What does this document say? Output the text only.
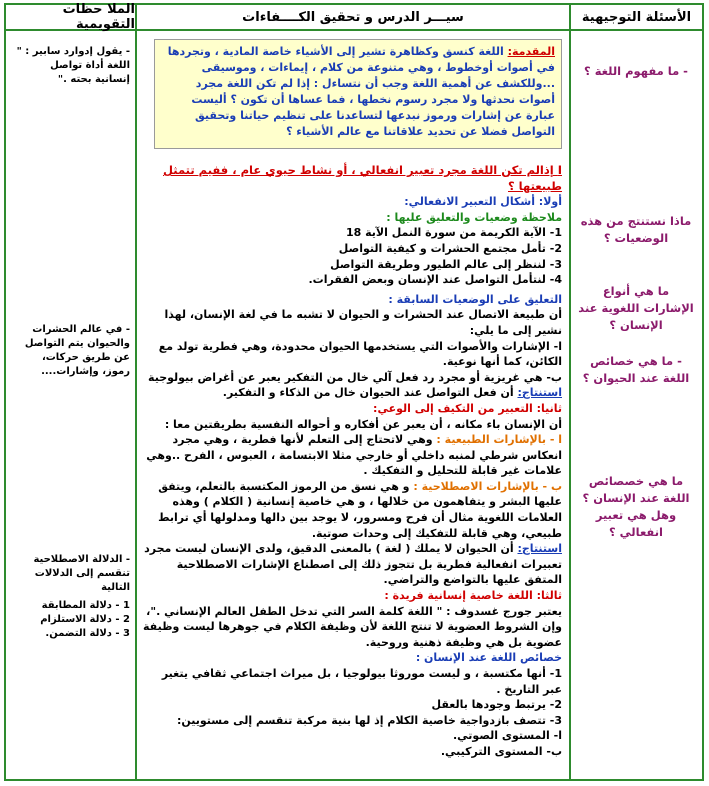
الأسئلة التوجيهية
سيـــر الدرس و تحقيق الكــــفاءات
الملا حظات التقويمية
- ما مفهوم اللغة ؟
ماذا نستنتج من هذه الوضعيات ؟
ما هي أنواع الإشارات اللغوية عند الإنسان ؟
- ما هي خصائص اللغة عند الحيوان ؟
ما هي خصصائص اللغة عند الإنسان ؟ وهل هي تعبير انفعالي ؟
- يقول إدوارد سابير : " اللغة أداة تواصل إنسانية بحته ."
- في عالم الحشرات والحيوان يتم التواصل عن طريق حركات، رموز، وإشارات....
- الدلالة الاصطلاحية تنقسم إلى الدلالات التالية
1 - دلالة المطابقة
2 - دلالة الاستلزام
3 - دلالة التضمن.
المقدمة: اللغة كنسق وكظاهرة تشير إلى الأشياء خاصة المادية ، وتجردها في أصوات أوخطوط ، وهي متنوعة من كلام ، إيماءات ، وموسيقى ...وللكشف عن أهمية اللغة وجب أن نتساءل : إذا لم تكن اللغة مجرد أصوات نحدثها ولا مجرد رسوم نخطها ، فما عساها أن تكون ؟ أليست عبارة عن إشارات ورموز نبدعها لتساعدنا على تنظيم حياتنا وتحقيق التواصل فضلا عن تحديد علاقاتنا مع عالم الأشياء ؟
I إذالم تكن اللغة مجرد تعبير انفعالي ، أو نشاط حيوي عام ، ففيم تتمثل طبيعتها ؟
أولا: أشكال التعبير الانفعالي:
ملاحظة وضعيات والتعليق عليها :
1- الآية الكريمة من سورة النمل الآية 18
2- تأمل مجتمع الحشرات و كيفية التواصل
3- لننظر إلى عالم الطيور وطريقة التواصل
4- لنتأمل التواصل عند الإنسان وبعض الفقرات.
التعليق على الوضعيات السابقة :
أن طبيعة الاتصال عند الحشرات و الحيوان لا تشبه ما في لغة الإنسان، لهذا نشير إلى ما يلي:
ا- الإشارات والأصوات التي يستخدمها الحيوان محدودة، وهي فطرية تولد مع الكائن، كما أنها نوعية.
ب- هي غريزية أو مجرد رد فعل آلي خال من التفكير يعبر عن أغراض بيولوجية
استنتاج: أن فعل التواصل عند الحيوان خال من الذكاء و التفكير.
ثانيا: التعبير من التكيف إلى الوعي:
أن الإنسان باء مكانه ، أن يعبر عن أفكاره و أحواله النفسية بطريقتين معا :
ا - بالإشارات الطبيعية : وهي لاتحتاج إلى التعلم لأنها فطرية ، وهي مجرد انعكاس شرطي لمنبه داخلي أو خارجي مثلا الابتسامة ، العبوس ، الفرح ..وهي علامات غير قابلة للتحليل و التفكيك .
ب - بالإشارات الاصطلاحية : و هي نسق من الرموز المكتسبة بالتعلم، ويتفق عليها البشر و يتفاهمون من خلالها ، و هي خاصية إنسانية ( الكلام ) وهذه العلامات اللغوية مثال أن فرح ومسرور، لا يوجد بين دالها ومدلولها أي ترابط طبيعي، وهي قابلة للتفكيك إلى وحدات صوتية.
استنتاج: أن الحيوان لا يملك ( لغة ) بالمعنى الدقيق، ولدى الإنسان ليست مجرد تعبيرات انفعالية فطرية بل تتجوز ذلك إلى اصطناع الإشارات الاصطلاحية المتفق عليها بالتواضع والتراضي.
ثالثا: اللغة خاصية إنسانية فريدة :
يعتبر جورج غسدوف : " اللغة كلمة السر التي تدخل الطفل العالم الإنساني ."، وإن الشروط العضوية لا تنتج اللغة لأن وظيفة الكلام في جوهرها ليست وظيفة عضوية بل هي وظيفة ذهنية وروحية.
خصائص اللغة عند الإنسان :
1- أنها مكتسبة ، و ليست موروثا بيولوجيا ، بل ميراث اجتماعي ثقافي يتغير عبر التاريخ .
2- يرتبط وجودها بالعقل
3- تتصف بازدواجية خاصية الكلام إذ لها بنية مركبة تنقسم إلى مستويين:
ا- المستوى الصوتي.
ب- المستوى التركيبي.
